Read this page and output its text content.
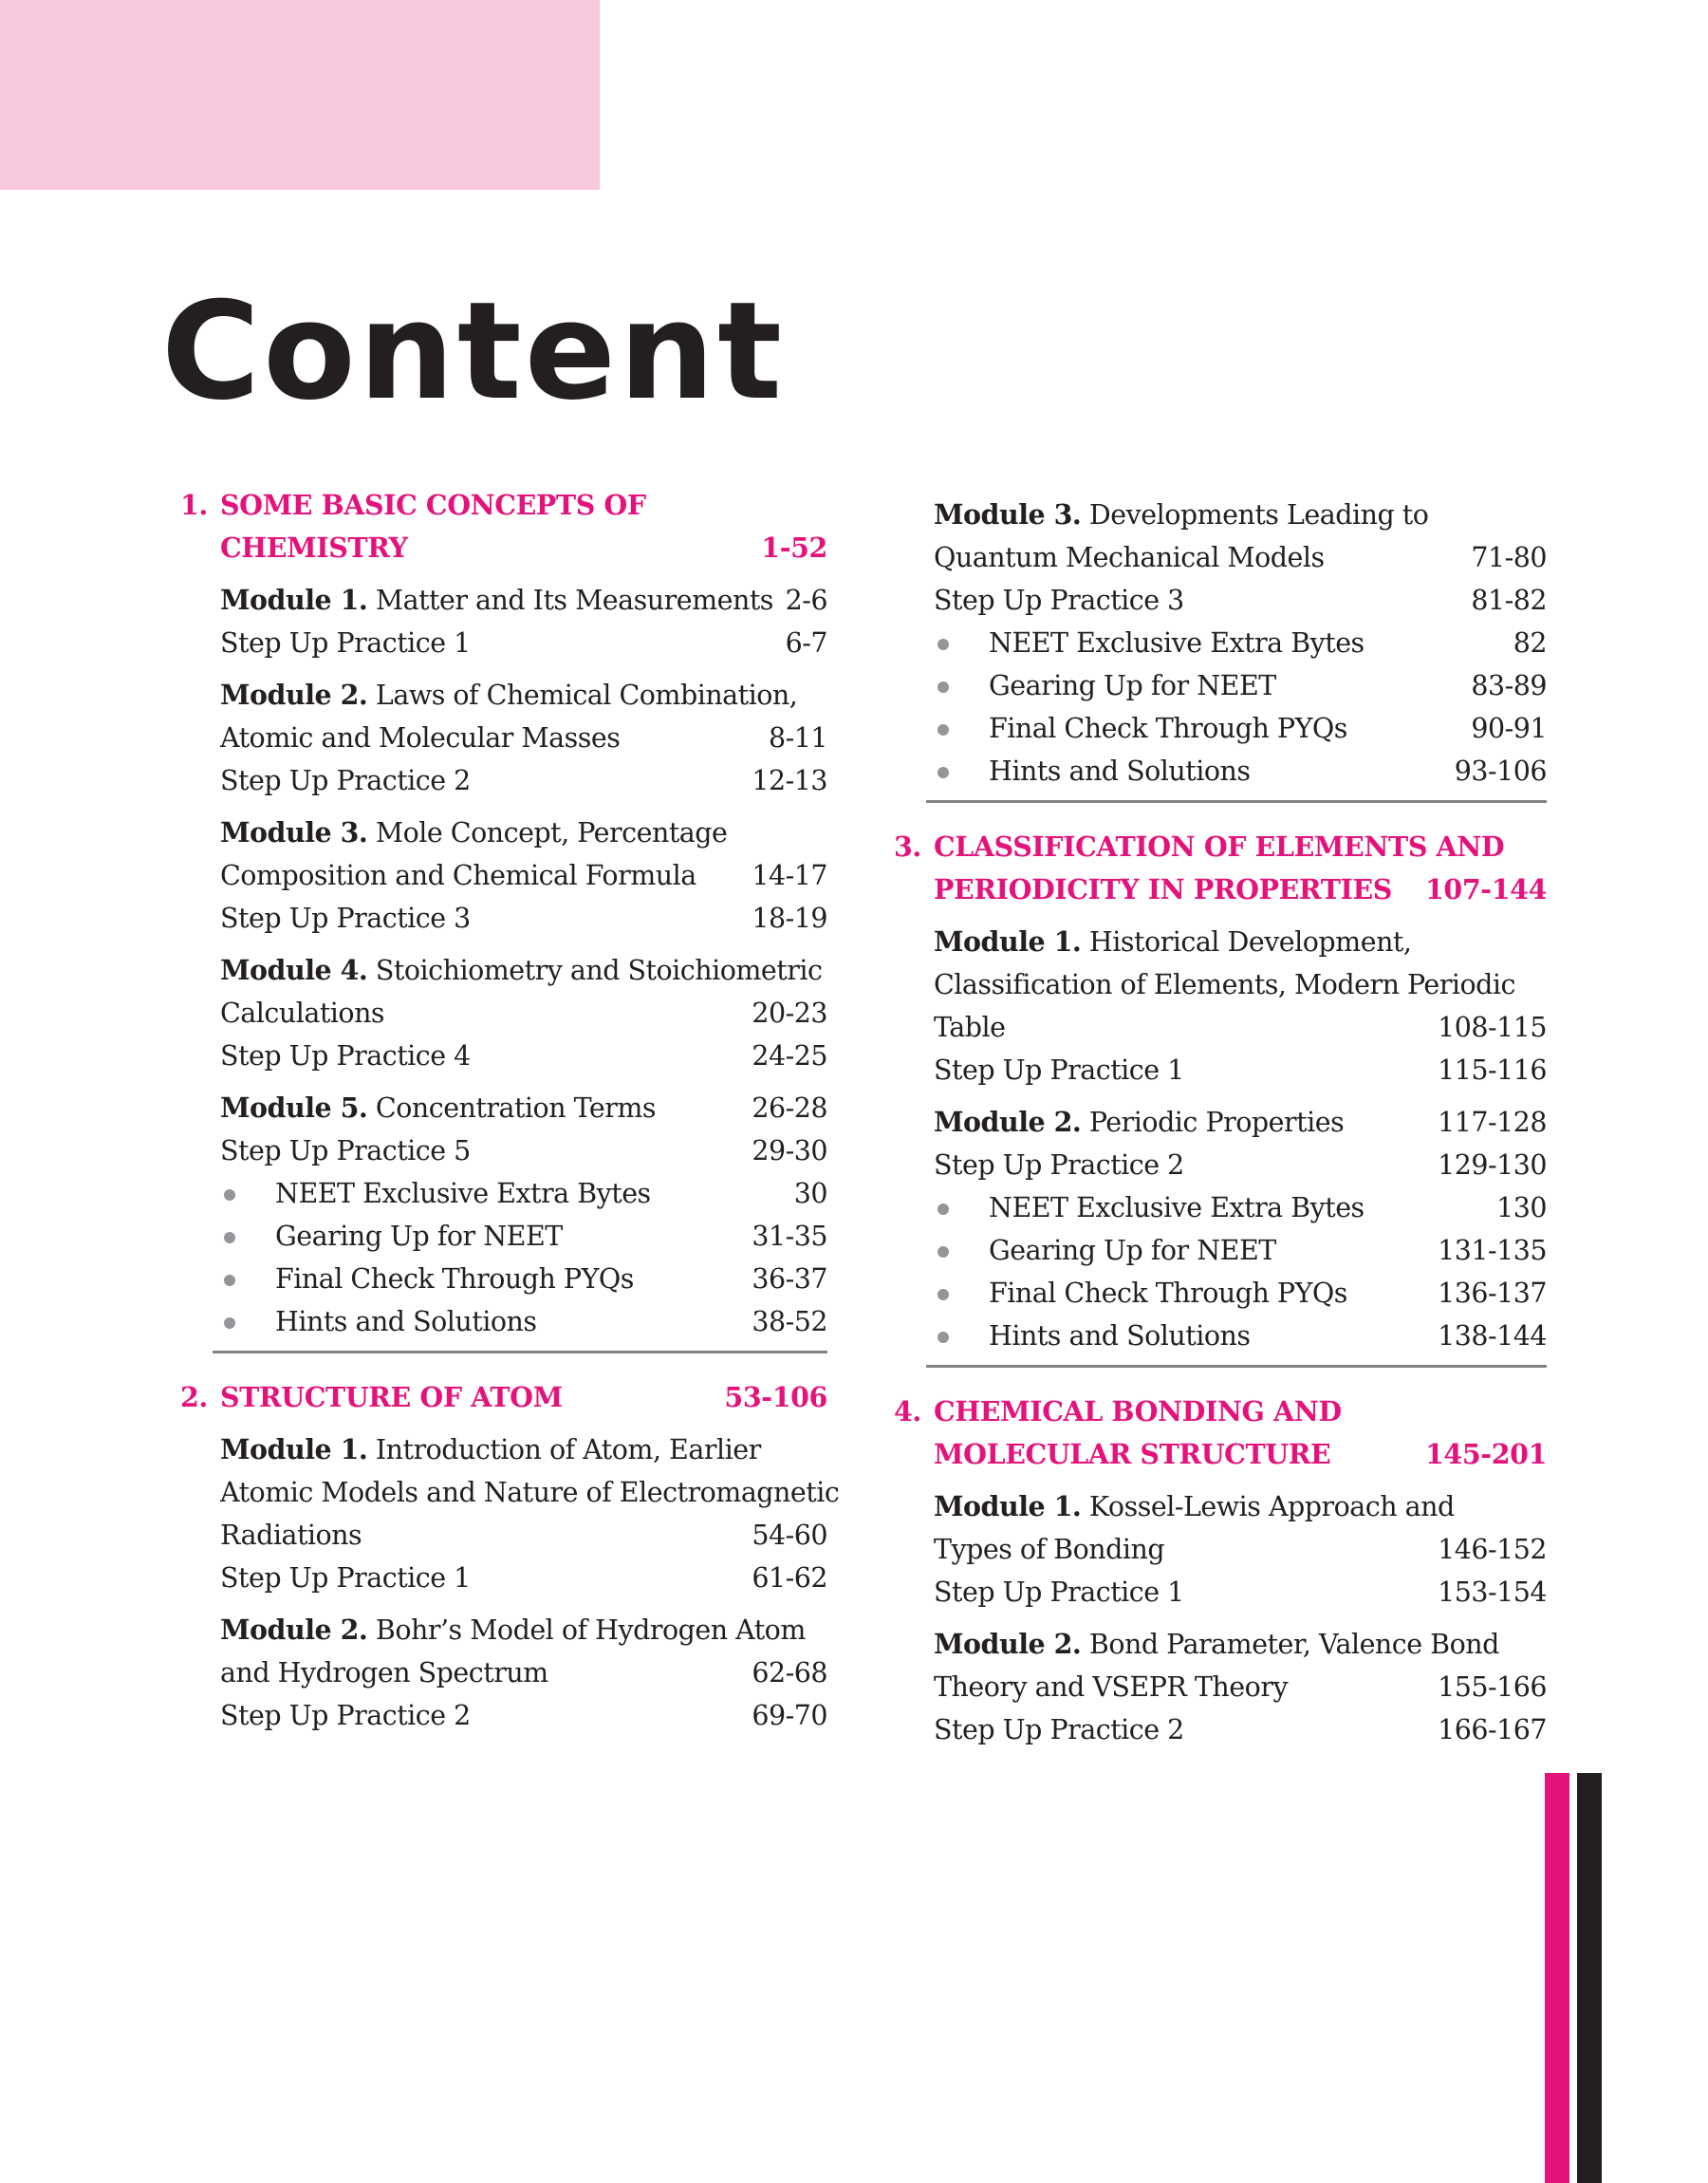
Content
1. SOME BASIC CONCEPTS OF
CHEMISTRY	1-52
Module 1. Matter and Its Measurements 2-6
Step Up Practice 1	6-7
Module 2. Laws of Chemical Combination,
Atomic and Molecular Masses	8-11
Step Up Practice 2	12-13
Module 3. Mole Concept, Percentage
Composition and Chemical Formula 14-17
Step Up Practice 3	18-19
Module 4. Stoichiometry and Stoichiometric
Calculations	20-23
Step Up Practice 4	24-25
Module 5. Concentration Terms	26-28
Step Up Practice 5	29-30
NEET Exclusive Extra Bytes	30
Gearing Up for NEET	31-35
Final Check Through PYQs	36-37
Hints and Solutions	38-52
2. STRUCTURE OF ATOM	53-106
Module 1. Introduction of Atom, Earlier
Atomic Models and Nature of Electromagnetic
Radiations	54-60
Step Up Practice 1	61-62
Module 2. Bohr’s Model of Hydrogen Atom
and Hydrogen Spectrum	62-68
Step Up Practice 2	69-70
Module 3. Developments Leading to
Quantum Mechanical Models	71-80
Step Up Practice 3	81-82
NEET Exclusive Extra Bytes	82
Gearing Up for NEET	83-89
Final Check Through PYQs	90-91
Hints and Solutions	93-106
3. CLASSIFICATION OF ELEMENTS AND
PERIODICITY IN PROPERTIES	107-144
Module 1. Historical Development,
Classification of Elements, Modern Periodic
Table	108-115
Step Up Practice 1	115-116
Module 2. Periodic Properties	117-128
Step Up Practice 2	129-130
NEET Exclusive Extra Bytes	130
Gearing Up for NEET	131-135
Final Check Through PYQs	136-137
Hints and Solutions	138-144
4. CHEMICAL BONDING AND
MOLECULAR STRUCTURE	145-201
Module 1. Kossel-Lewis Approach and
Types of Bonding	146-152
Step Up Practice 1	153-154
Module 2. Bond Parameter, Valence Bond
Theory and VSEPR Theory	155-166
Step Up Practice 2	166-167
